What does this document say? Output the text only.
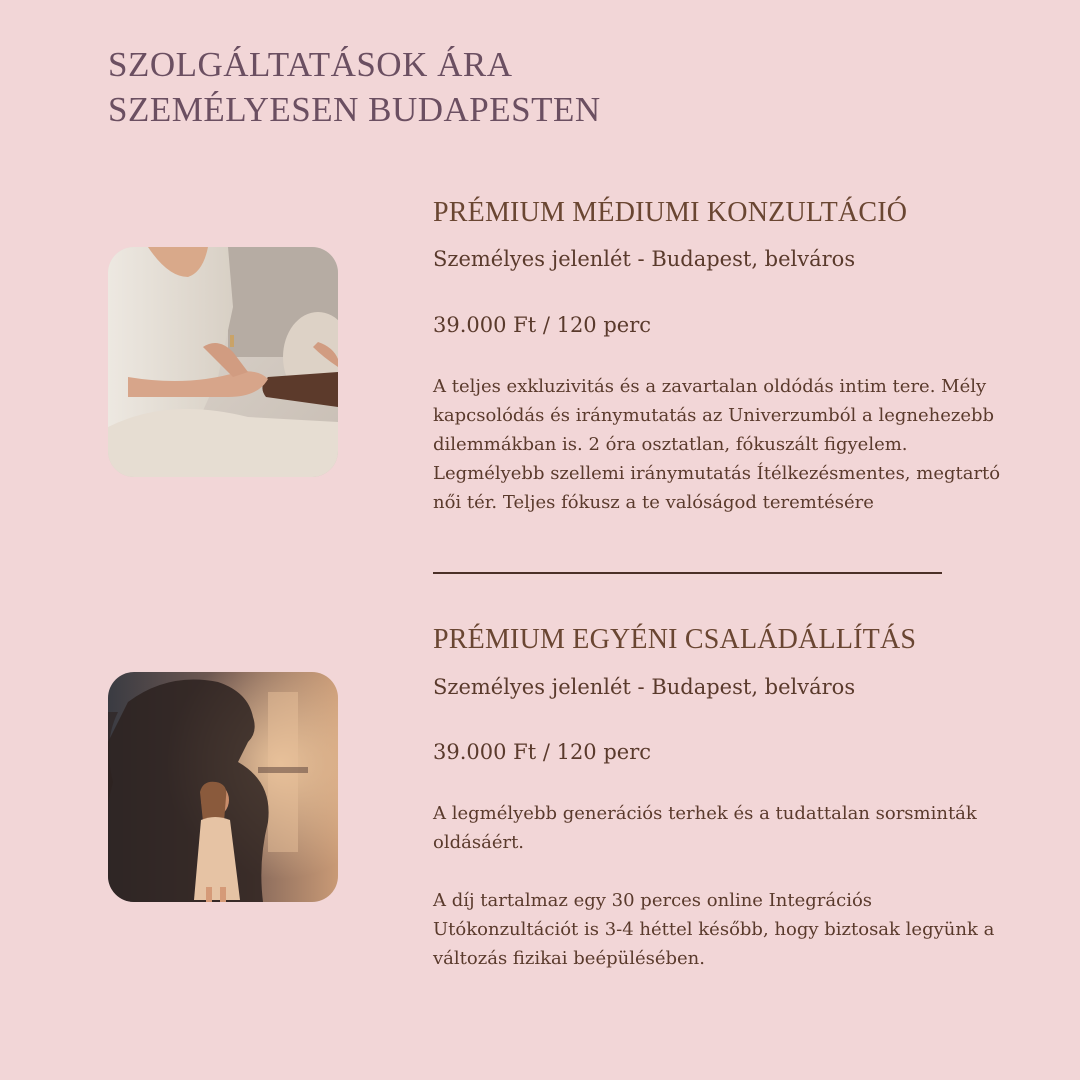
SZOLGÁLTATÁSOK ÁRA
SZEMÉLYESEN BUDAPESTEN
PRÉMIUM MÉDIUMI KONZULTÁCIÓ
Személyes jelenlét - Budapest, belváros
39.000 Ft / 120 perc

A teljes exkluzivitás és a zavartalan oldódás intim tere. Mély kapcsolódás és iránymutatás az Univerzumból a legnehezebb dilemmákban is. 2 óra osztatlan, fókuszált figyelem. Legmélyebb szellemi iránymutatás Ítélkezésmentes, megtartó női tér. Teljes fókusz a te valóságod teremtésére

PRÉMIUM EGYÉNI CSALÁDÁLLÍTÁS
Személyes jelenlét - Budapest, belváros
39.000 Ft / 120 perc

A legmélyebb generációs terhek és a tudattalan sorsminták oldásáért.

A díj tartalmaz egy 30 perces online Integrációs Utókonzultációt is 3-4 héttel később, hogy biztosak legyünk a változás fizikai beépülésében.
